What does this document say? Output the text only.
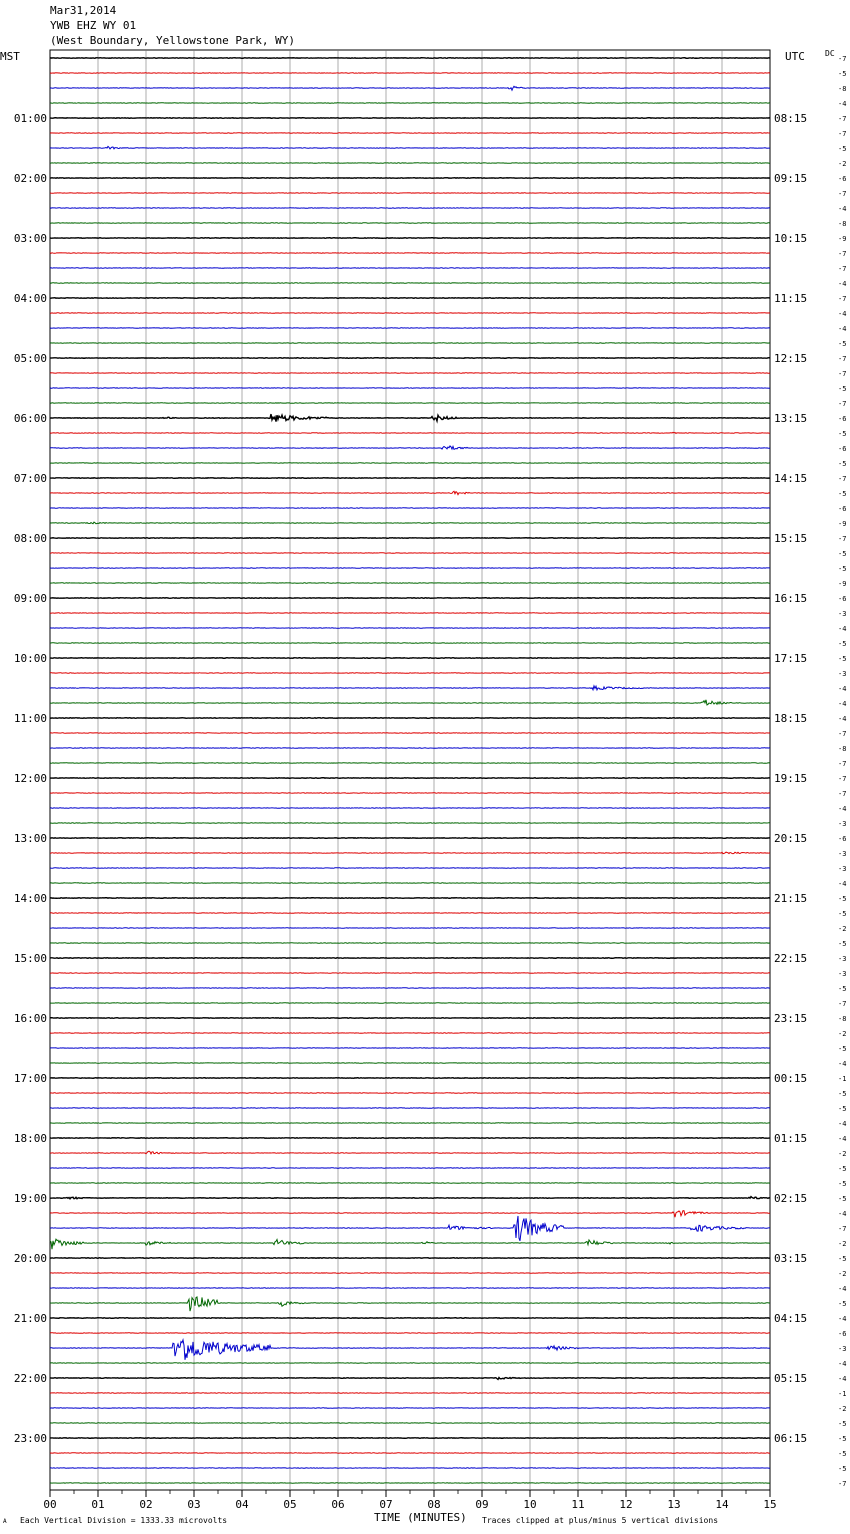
Mar31,2014
YWB EHZ WY 01
(West Boundary, Yellowstone Park, WY)
MST	UTC	DC
TIME (MINUTES)
Each Vertical Division = 1333.33 microvolts	Traces clipped at plus/minus 5 vertical divisions
A
-7
-5
-8
-4
-7
-7
-5
-2
-6
-7
-4
-8
-9
-7
-7
-4
-7
-4
-4
-5
-7
-7
-5
-7
-6
-5
-6
-5
-7
-5
-6
-9
-7
-5
-5
-9
-6
-3
-4
-5
-5
-3
-4
-4
-4
-7
-8
-7
-7
-7
-4
-3
-6
-3
-3
-4
-5
-5
-2
-5
-3
-3
-5
-7
-8
-2
-5
-4
-1
-5
-5
-4
-4
-2
-5
-5
-5
-4
-7
-2
-5
-2
-4
-5
-4
-6
-3
-4
-4
-1
-2
-5
-5
-5
-5
-7
01:00
02:00
03:00
04:00
05:00
06:00
07:00
08:00
09:00
10:00
11:00
12:00
13:00
14:00
15:00
16:00
17:00
18:00
19:00
20:00
21:00
22:00
23:00
08:15
09:15
10:15
11:15
12:15
13:15
14:15
15:15
16:15
17:15
18:15
19:15
20:15
21:15
22:15
23:15
00:15
01:15
02:15
03:15
04:15
05:15
06:15
00	01	02	03	04	05	06	07	08	09	10	11	12	13	14	15
